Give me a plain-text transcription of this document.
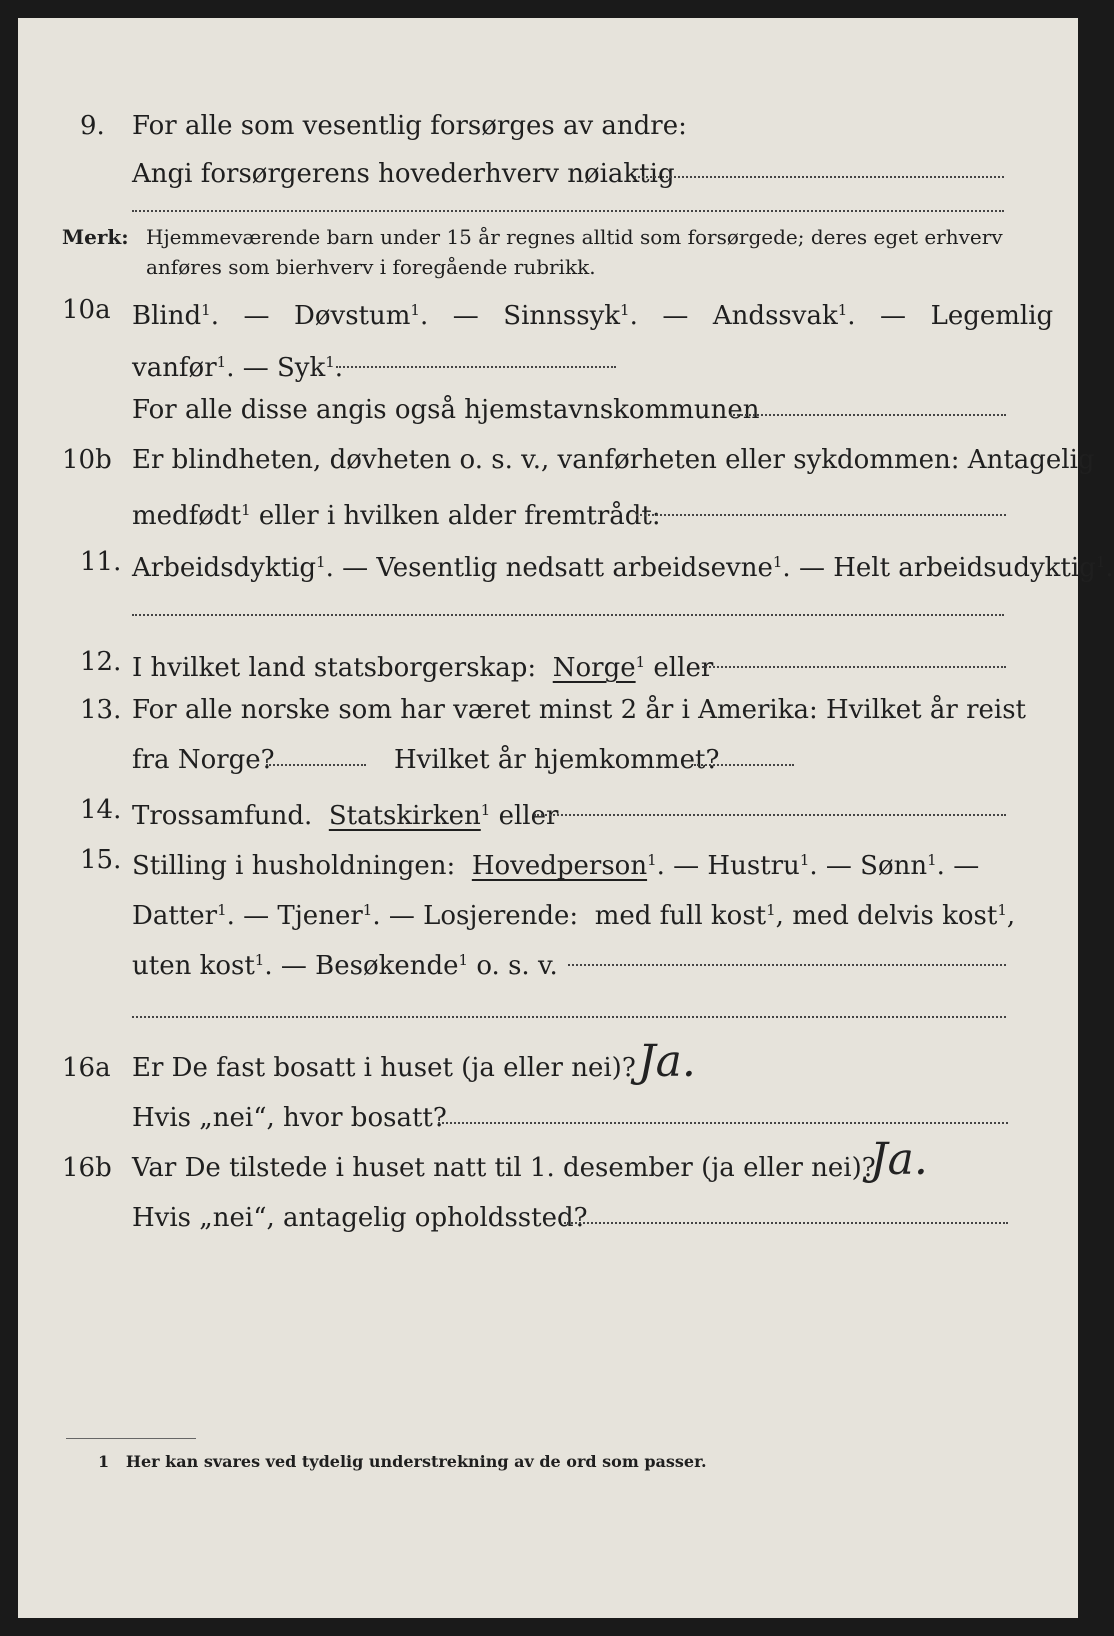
9.	For alle som vesentlig forsørges av andre:
Angi forsørgerens hovederhverv nøiaktig
Merk: Hjemmeværende barn under 15 år regnes alltid som forsørgede; deres eget erhverv
anføres som bierhverv i foregående rubrikk.
10a Blind$^1$.  — Døvstum$^1$.  — Sinnssyk$^1$.  — Andssvak$^1$.  — Legemlig
vanfør$^1$. — Syk$^1$.
For alle disse angis også hjemstavnskommunen
10b Er blindheten, døvheten o. s. v., vanførheten eller sykdommen: Antagelig
medfødt$^1$ eller i hvilken alder fremtrådt:
11. Arbeidsdyktig$^1$. — Vesentlig nedsatt arbeidsevne$^1$. — Helt arbeidsudyktig$^1$.
12. I hvilket land statsborgerskap: Norge$^1$ eller
13. For alle norske som har været minst 2 år i Amerika: Hvilket år reist
fra Norge?	Hvilket år hjemkommet?
14. Trossamfund. Statskirken$^1$ eller
15. Stilling i husholdningen: Hovedperson$^1$. — Hustru$^1$. — Sønn$^1$. —
Datter$^1$. — Tjener$^1$. — Losjerende: med full kost$^1$, med delvis kost$^1$,
uten kost$^1$. — Besøkende$^1$ o. s. v.
16a Er De fast bosatt i huset (ja eller nei)? Ja.
Hvis „nei“, hvor bosatt?
16b Var De tilstede i huset natt til 1. desember (ja eller nei)?
Ja.
Hvis „nei“, antagelig opholdssted?
1 Her kan svares ved tydelig understrekning av de ord som passer.
